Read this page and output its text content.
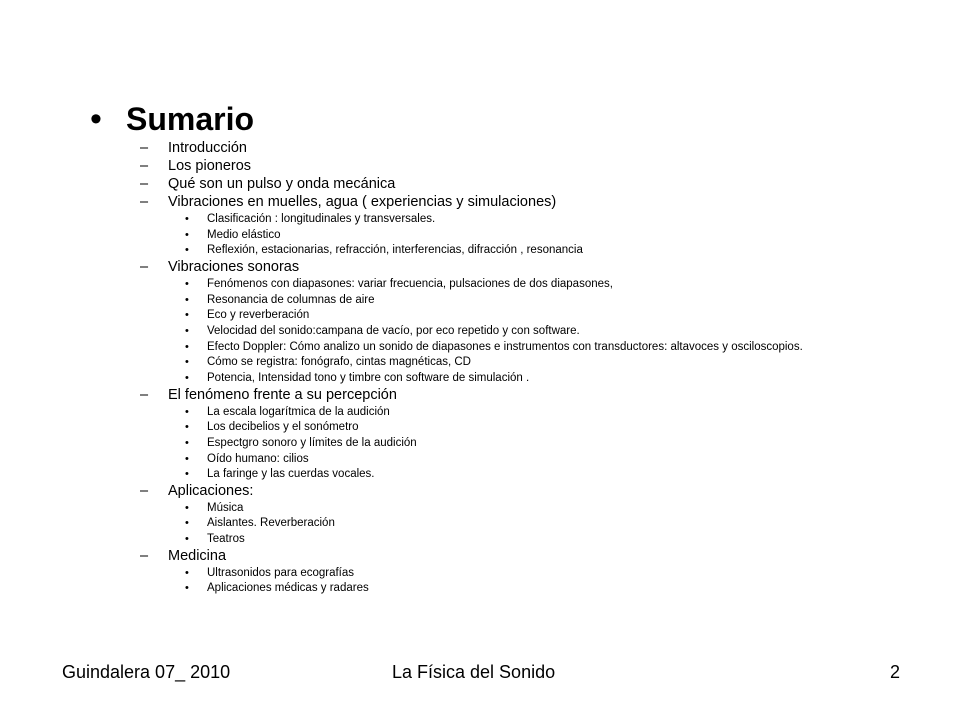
• Sumario
–	Introducción
–	Los pioneros
–	Qué son un pulso y onda mecánica
–	Vibraciones en muelles, agua ( experiencias y simulaciones)
•	Clasificación : longitudinales y transversales.
•	Medio elástico
•	Reflexión, estacionarias, refracción, interferencias, difracción , resonancia
–	Vibraciones sonoras
•	Fenómenos con diapasones: variar frecuencia, pulsaciones de dos diapasones,
•	Resonancia de columnas de aire
•	Eco y reverberación
•	Velocidad del sonido:campana de vacío, por eco repetido y con software.
•	Efecto Doppler: Cómo analizo un sonido de diapasones e instrumentos con transductores: altavoces y osciloscopios.
•	Cómo se registra: fonógrafo, cintas magnéticas, CD
•	Potencia, Intensidad tono y timbre con software de simulación .
–	El fenómeno frente a su percepción
•	La escala logarítmica de la audición
•	Los decibelios y el sonómetro
•	Espectgro sonoro y límites de la audición
•	Oído humano: cilios
•	La faringe y las cuerdas vocales.
–	Aplicaciones:
•	Música
•	Aislantes. Reverberación
•	Teatros
–	Medicina
•	Ultrasonidos para ecografías
•	Aplicaciones médicas y radares
Guindalera 07_ 2010	La Física del Sonido	2
